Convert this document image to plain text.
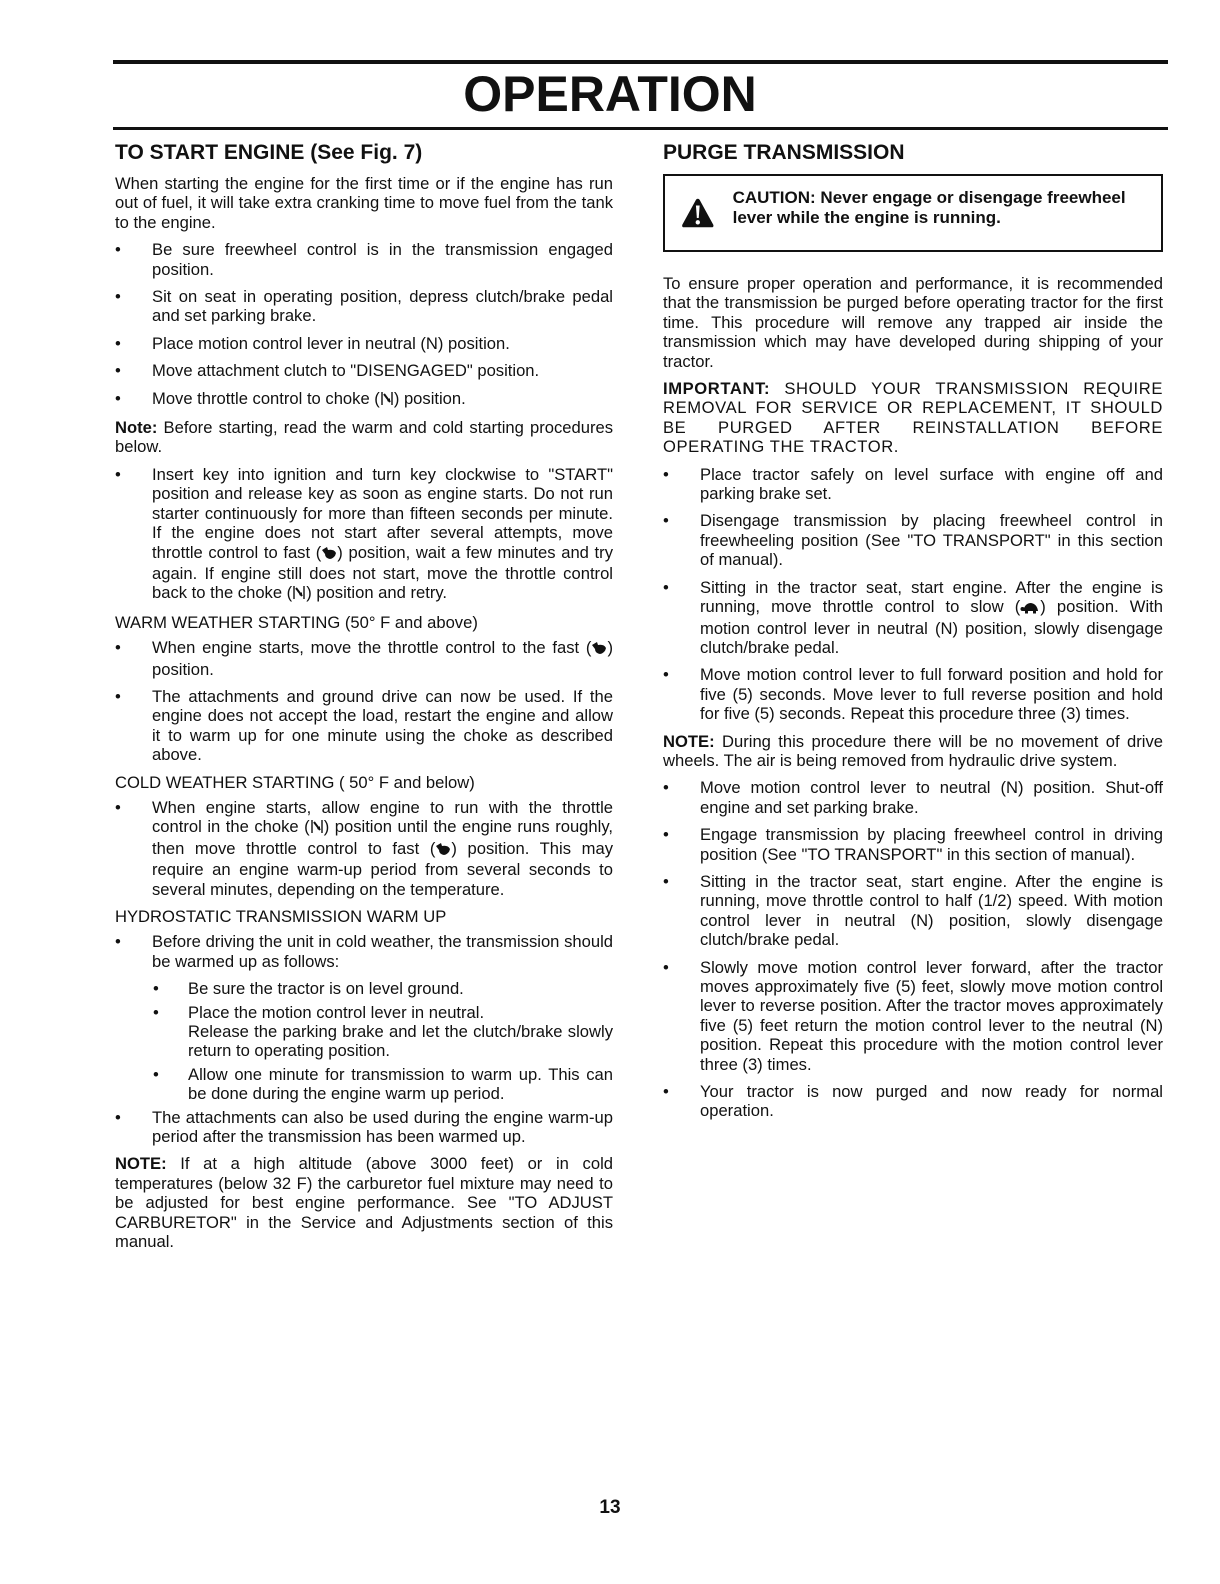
OPERATION
TO START ENGINE (See Fig. 7)

When starting the engine for the first time or if the engine has run out of fuel, it will take extra cranking time to move fuel from the tank to the engine.

• Be sure freewheel control is in the transmission engaged position.
• Sit on seat in operating position, depress clutch/brake pedal and set parking brake.
• Place motion control lever in neutral (N) position.
• Move attachment clutch to "DISENGAGED" position.
• Move throttle control to choke ( ) position.

Note: Before starting, read the warm and cold starting procedures below.

• Insert key into ignition and turn key clockwise to "START" position and release key as soon as engine starts. Do not run starter continuously for more than fifteen seconds per minute. If the engine does not start after several attempts, move throttle control to fast ( ) position, wait a few minutes and try again. If engine still does not start, move the throttle control back to the choke ( ) position and retry.

WARM WEATHER STARTING (50° F and above)

• When engine starts, move the throttle control to the fast ( ) position.
• The attachments and ground drive can now be used. If the engine does not accept the load, restart the engine and allow it to warm up for one minute using the choke as described above.

COLD WEATHER STARTING ( 50° F and below)

• When engine starts, allow engine to run with the throttle control in the choke ( ) position until the engine runs roughly, then move throttle control to fast ( ) position. This may require an engine warm-up period from several seconds to several minutes, depending on the temperature.

HYDROSTATIC TRANSMISSION WARM UP

• Before driving the unit in cold weather, the transmission should be warmed up as follows:
• Be sure the tractor is on level ground.
• Place the motion control lever in neutral.
Release the parking brake and let the clutch/brake slowly return to operating position.
• Allow one minute for transmission to warm up. This can be done during the engine warm up period.
• The attachments can also be used during the engine warm-up period after the transmission has been warmed up.

NOTE: If at a high altitude (above 3000 feet) or in cold temperatures (below 32 F) the carburetor fuel mixture may need to be adjusted for best engine performance. See "TO ADJUST CARBURETOR" in the Service and Adjustments section of this manual.

PURGE TRANSMISSION
CAUTION: Never engage or disengage freewheel lever while the engine is running.

To ensure proper operation and performance, it is recommended that the transmission be purged before operating tractor for the first time. This procedure will remove any trapped air inside the transmission which may have developed during shipping of your tractor.

IMPORTANT: SHOULD YOUR TRANSMISSION REQUIRE REMOVAL FOR SERVICE OR REPLACEMENT, IT SHOULD BE PURGED AFTER REINSTALLATION BEFORE OPERATING THE TRACTOR.

• Place tractor safely on level surface with engine off and parking brake set.
• Disengage transmission by placing freewheel control in freewheeling position (See "TO TRANSPORT" in this section of manual).
• Sitting in the tractor seat, start engine. After the engine is running, move throttle control to slow ( ) position. With motion control lever in neutral (N) position, slowly disengage clutch/brake pedal.
• Move motion control lever to full forward position and hold for five (5) seconds. Move lever to full reverse position and hold for five (5) seconds. Repeat this procedure three (3) times.

NOTE: During this procedure there will be no movement of drive wheels. The air is being removed from hydraulic drive system.

• Move motion control lever to neutral (N) position. Shut-off engine and set parking brake.
• Engage transmission by placing freewheel control in driving position (See "TO TRANSPORT" in this section of manual).
• Sitting in the tractor seat, start engine. After the engine is running, move throttle control to half (1/2) speed. With motion control lever in neutral (N) position, slowly disengage clutch/brake pedal.
• Slowly move motion control lever forward, after the tractor moves approximately five (5) feet, slowly move motion control lever to reverse position. After the tractor moves approximately five (5) feet return the motion control lever to the neutral (N) position. Repeat this procedure with the motion control lever three (3) times.
• Your tractor is now purged and now ready for normal operation.
13
